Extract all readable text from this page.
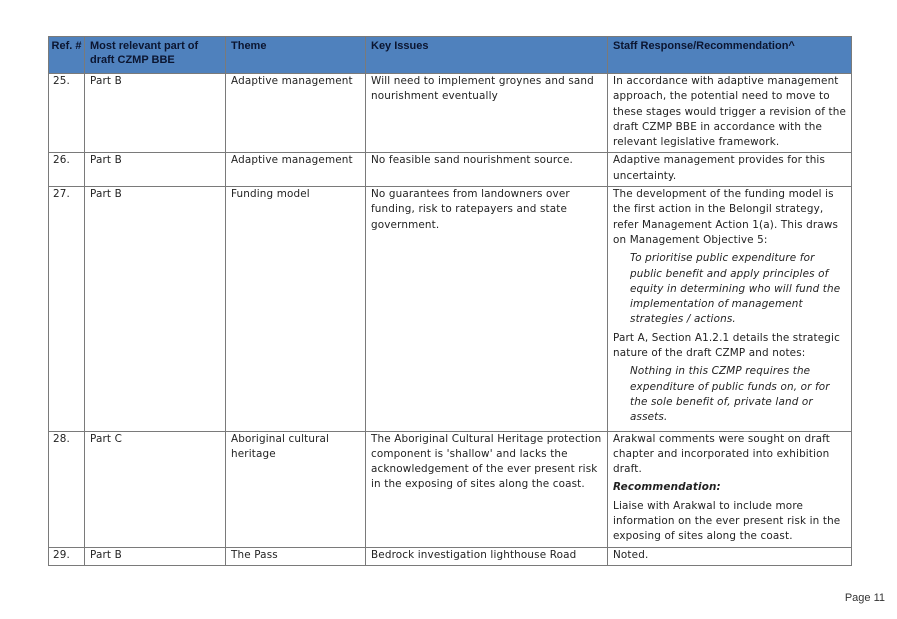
Ref. #	Most relevant part of draft CZMP BBE	Theme	Key Issues	Staff Response/Recommendation^
25.	Part B	Adaptive management	Will need to implement groynes and sand nourishment eventually	In accordance with adaptive management approach, the potential need to move to these stages would trigger a revision of the draft CZMP BBE in accordance with the relevant legislative framework.
26.	Part B	Adaptive management	No feasible sand nourishment source.	Adaptive management provides for this uncertainty.
27.	Part B	Funding model	No guarantees from landowners over funding, risk to ratepayers and state government.	The development of the funding model is the first action in the Belongil strategy, refer Management Action 1(a). This draws on Management Objective 5:

To prioritise public expenditure for public benefit and apply principles of equity in determining who will fund the implementation of management strategies / actions.

Part A, Section A1.2.1 details the strategic nature of the draft CZMP and notes:

Nothing in this CZMP requires the expenditure of public funds on, or for the sole benefit of, private land or assets.

28.	Part C	Aboriginal cultural heritage	The Aboriginal Cultural Heritage protection component is 'shallow' and lacks the acknowledgement of the ever present risk in the exposing of sites along the coast.	Arakwal comments were sought on draft chapter and incorporated into exhibition draft.

Recommendation:

Liaise with Arakwal to include more information on the ever present risk in the exposing of sites along the coast.

29.	Part B	The Pass	Bedrock investigation lighthouse Road	Noted.
Page 11
